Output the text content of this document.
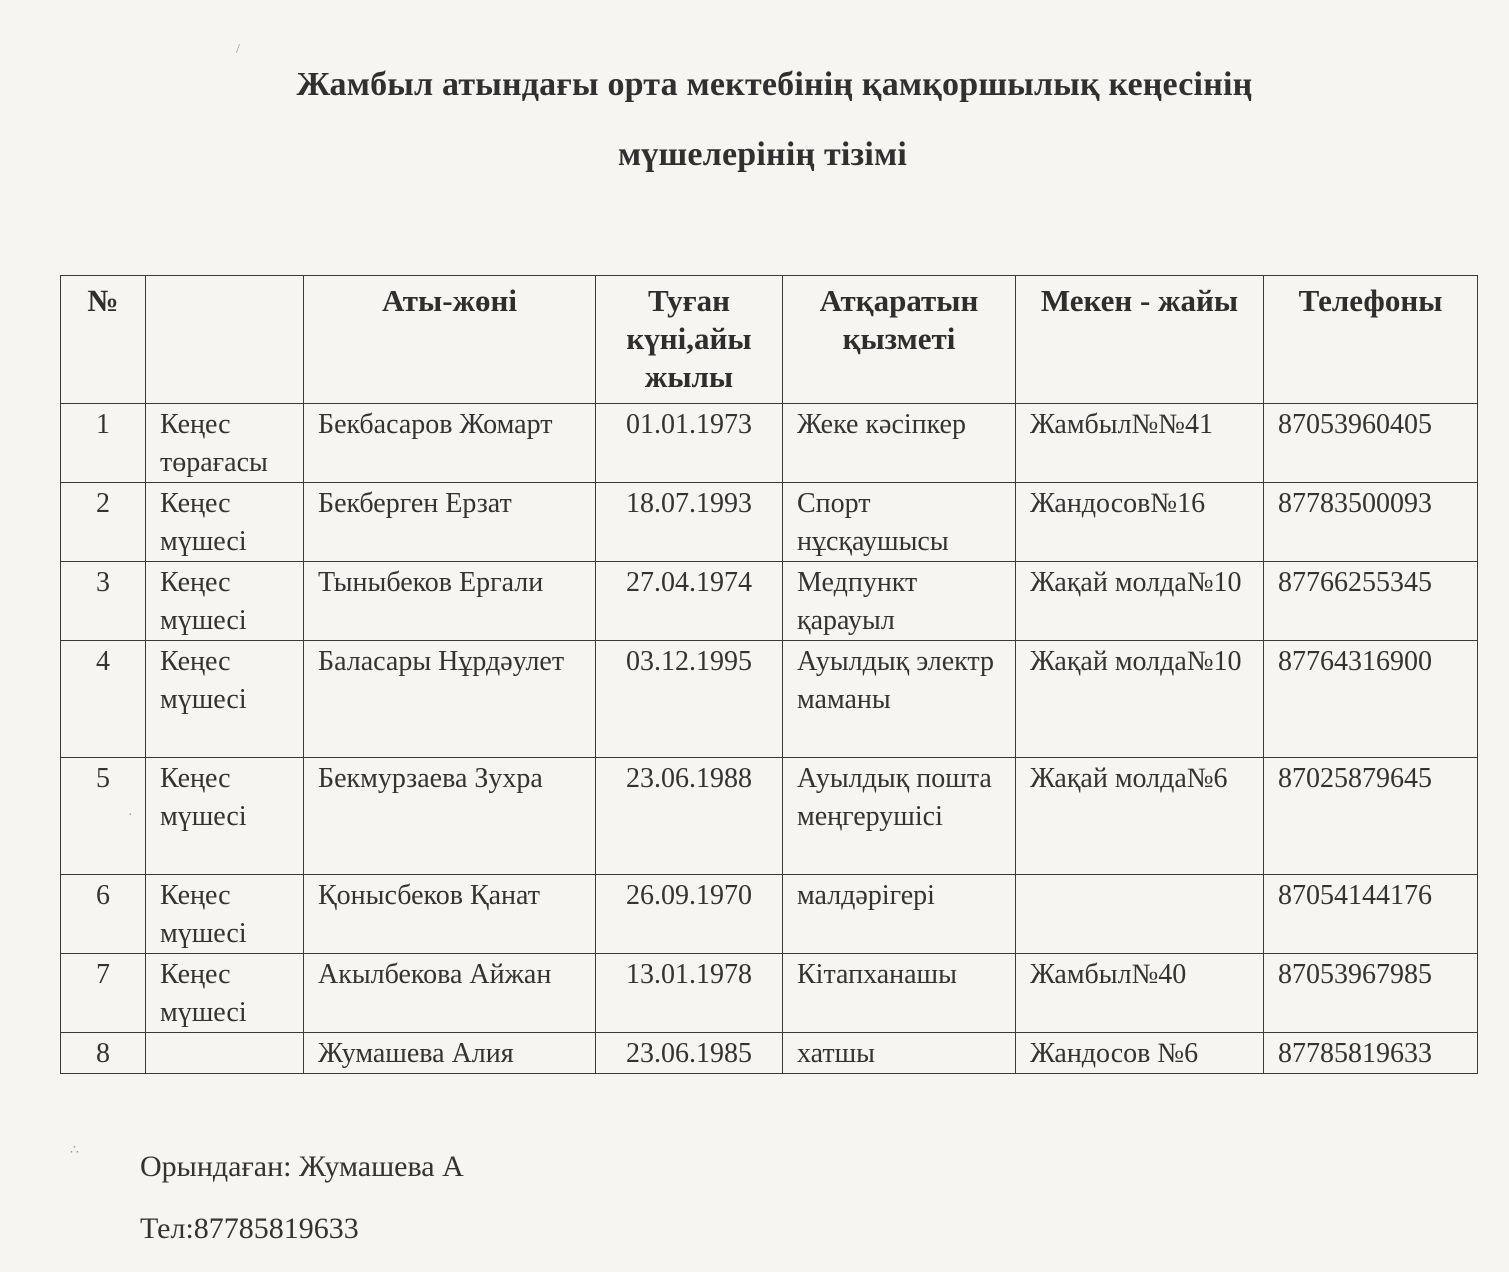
Жамбыл атындағы орта мектебінің қамқоршылық кеңесінің
мүшелерінің тізімі
№		Аты-жөні	Туған күні,айы жылы	Атқаратын қызметі	Мекен - жайы	Телефоны
1	Кеңес төрағасы	Бекбасаров Жомарт	01.01.1973	Жеке кәсіпкер	Жамбыл№№41	87053960405
2	Кеңес мүшесі	Бекберген Ерзат	18.07.1993	Спорт нұсқаушысы	Жандосов№16	87783500093
3	Кеңес мүшесі	Тыныбеков Ергали	27.04.1974	Медпункт қарауыл	Жақай молда№10	87766255345
4	Кеңес мүшесі	Баласары Нұрдәулет	03.12.1995	Ауылдық электр маманы	Жақай молда№10	87764316900
5	Кеңес мүшесі	Бекмурзаева Зухра	23.06.1988	Ауылдық пошта меңгерушісі	Жақай молда№6	87025879645
6	Кеңес мүшесі	Қонысбеков Қанат	26.09.1970	малдәрігері		87054144176
7	Кеңес мүшесі	Акылбекова Айжан	13.01.1978	Кітапханашы	Жамбыл№40	87053967985
8		Жумашева Алия	23.06.1985	хатшы	Жандосов №6	87785819633
Орындаған: Жумашева А
Тел:87785819633
/
∴
·
